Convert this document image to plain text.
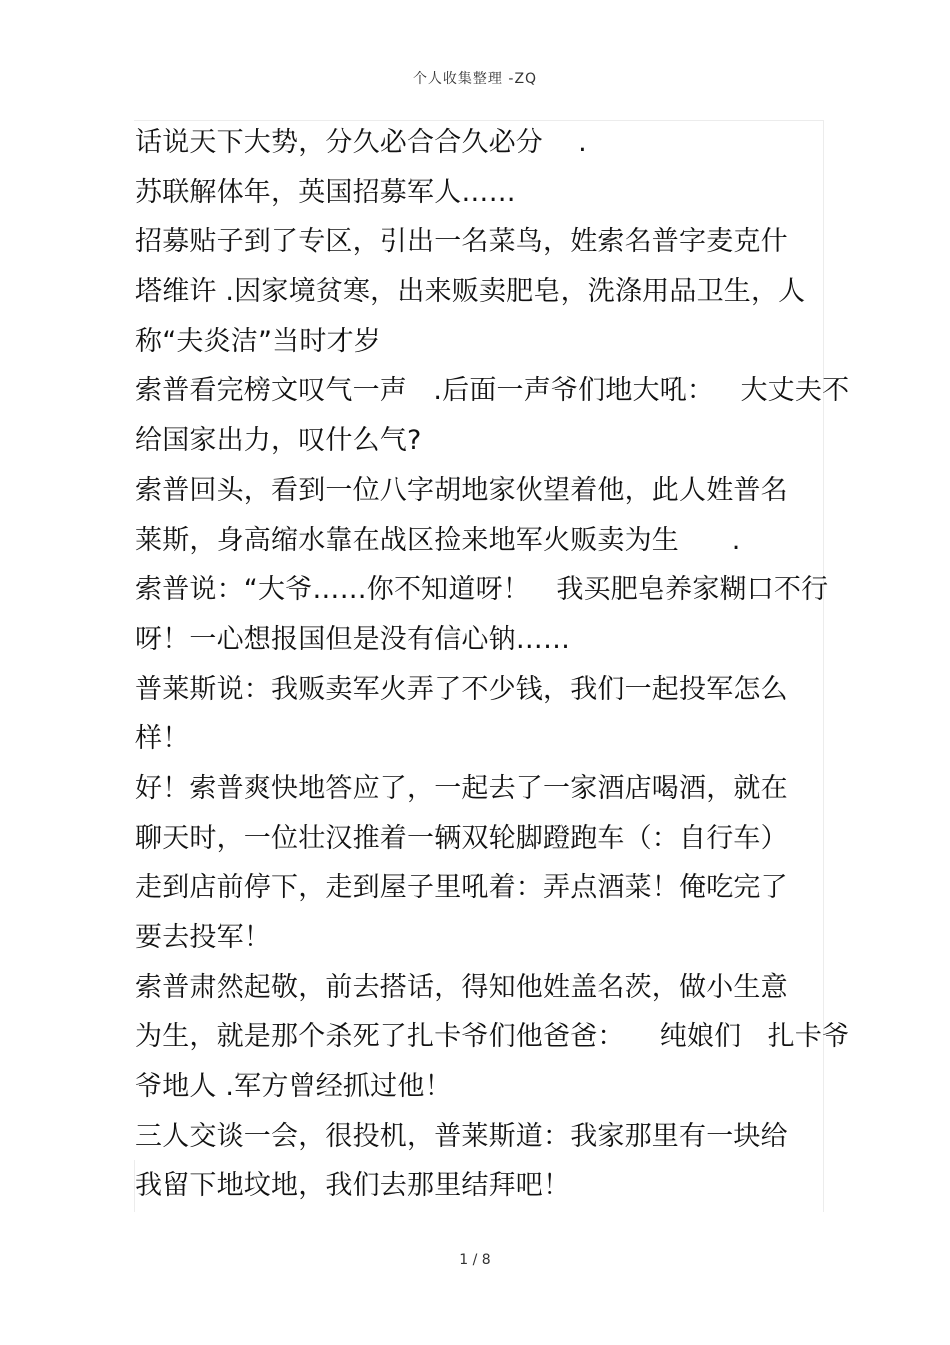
个人收集整理 -ZQ
话说天下大势，分久必合合久必分    .
苏联解体年，英国招募军人……
招募贴子到了专区，引出一名菜鸟，姓索名普字麦克什
塔维许 .因家境贫寒，出来贩卖肥皂，洗涤用品卫生，人
称“夫炎洁”当时才岁
索普看完榜文叹气一声   .后面一声爷们地大吼：   大丈夫不
给国家出力，叹什么气?
索普回头，看到一位八字胡地家伙望着他，此人姓普名
莱斯，身高缩水靠在战区捡来地军火贩卖为生      .
索普说：“大爷……你不知道呀！   我买肥皂养家糊口不行
呀！一心想报国但是没有信心钠……
普莱斯说：我贩卖军火弄了不少钱，我们一起投军怎么
样！
好！索普爽快地答应了，一起去了一家酒店喝酒，就在
聊天时，一位壮汉推着一辆双轮脚蹬跑车（：自行车）
走到店前停下，走到屋子里吼着：弄点酒菜！俺吃完了
要去投军！
索普肃然起敬，前去搭话，得知他姓盖名茨，做小生意
为生，就是那个杀死了扎卡爷们他爸爸：    纯娘们   扎卡爷
爷地人 .军方曾经抓过他！
三人交谈一会，很投机，普莱斯道：我家那里有一块给
我留下地坟地，我们去那里结拜吧！
1 / 8
